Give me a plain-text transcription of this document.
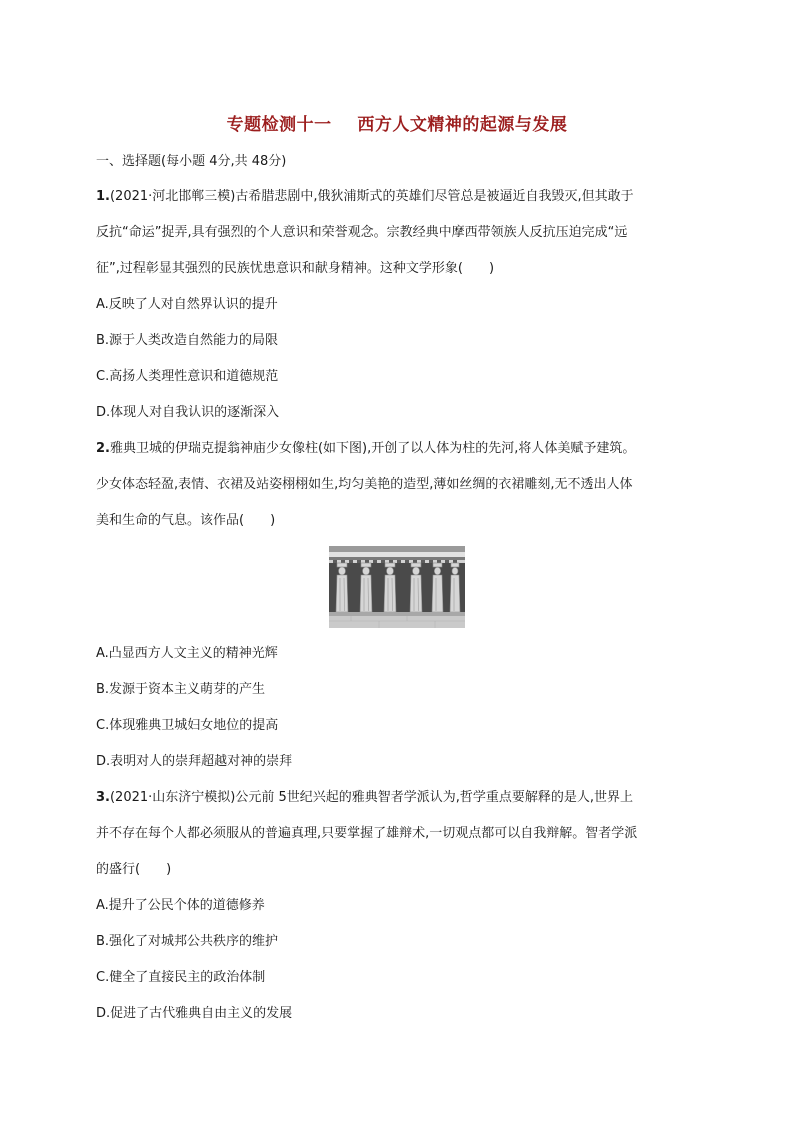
专题检测十一    西方人文精神的起源与发展
一、选择题(每小题 4分,共 48分)
1.(2021·河北邯郸三模)古希腊悲剧中,俄狄浦斯式的英雄们尽管总是被逼近自我毁灭,但其敢于
反抗“命运”捉弄,具有强烈的个人意识和荣誉观念。宗教经典中摩西带领族人反抗压迫完成“远
征”,过程彰显其强烈的民族忧患意识和献身精神。这种文学形象(　　)
A.反映了人对自然界认识的提升
B.源于人类改造自然能力的局限
C.高扬人类理性意识和道德规范
D.体现人对自我认识的逐渐深入
2.雅典卫城的伊瑞克提翁神庙少女像柱(如下图),开创了以人体为柱的先河,将人体美赋予建筑。
少女体态轻盈,表情、衣裙及站姿栩栩如生,均匀美艳的造型,薄如丝绸的衣裙雕刻,无不透出人体
美和生命的气息。该作品(　　)
A.凸显西方人文主义的精神光辉
B.发源于资本主义萌芽的产生
C.体现雅典卫城妇女地位的提高
D.表明对人的崇拜超越对神的崇拜
3.(2021·山东济宁模拟)公元前 5世纪兴起的雅典智者学派认为,哲学重点要解释的是人,世界上
并不存在每个人都必须服从的普遍真理,只要掌握了雄辩术,一切观点都可以自我辩解。智者学派
的盛行(　　)
A.提升了公民个体的道德修养
B.强化了对城邦公共秩序的维护
C.健全了直接民主的政治体制
D.促进了古代雅典自由主义的发展
